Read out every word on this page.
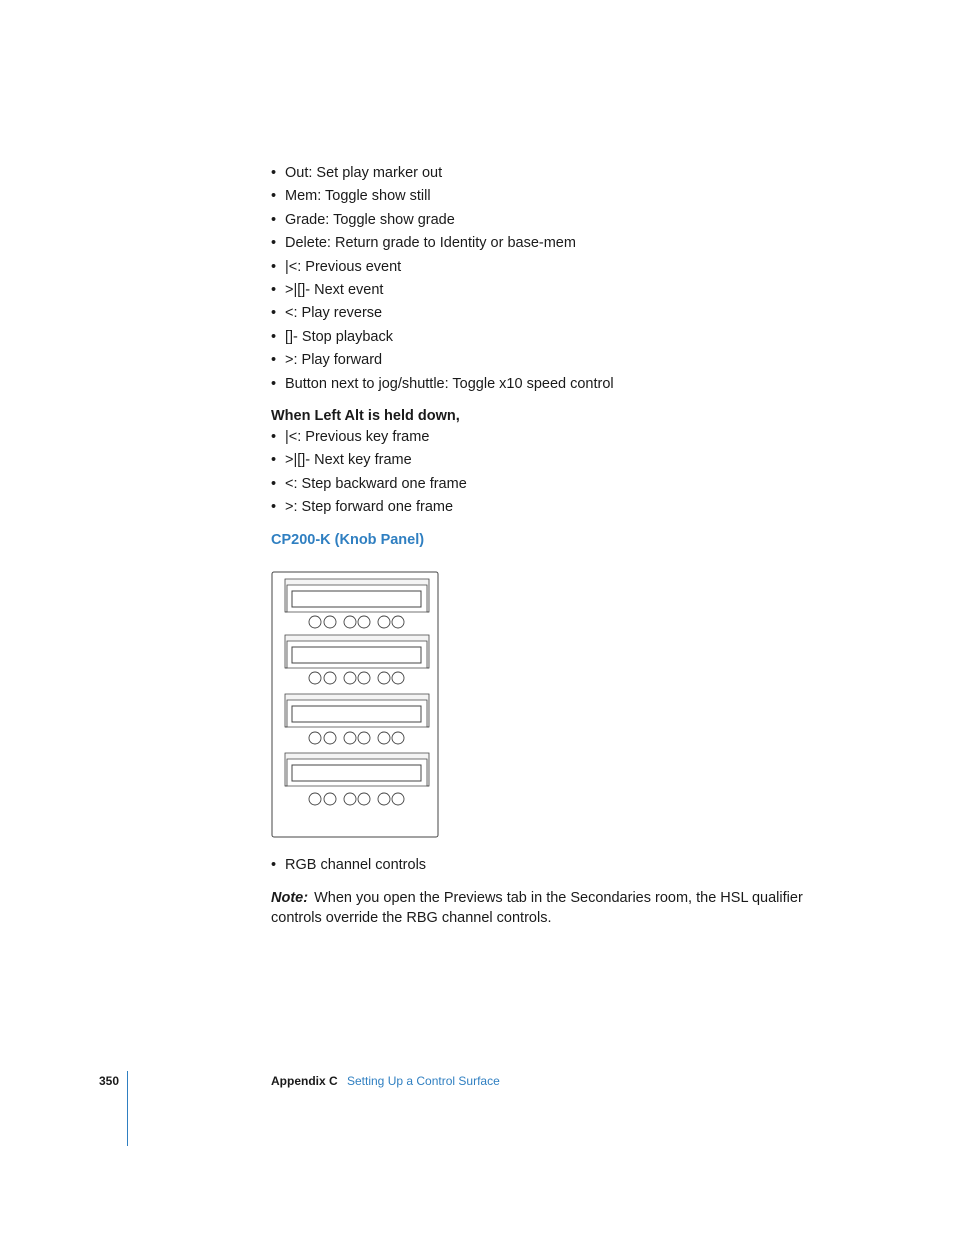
• Out: Set play marker out
• Mem: Toggle show still
• Grade: Toggle show grade
• Delete: Return grade to Identity or base-mem
• |<: Previous event
• >|[]- Next event
• <: Play reverse
• []- Stop playback
• >: Play forward
• Button next to jog/shuttle: Toggle x10 speed control
When Left Alt is held down,
• |<: Previous key frame
• >|[]- Next key frame
• <: Step backward one frame
• >: Step forward one frame
CP200-K (Knob Panel)
• RGB channel controls
Note: When you open the Previews tab in the Secondaries room, the HSL qualifier controls override the RBG channel controls.
350	Appendix C Setting Up a Control Surface
